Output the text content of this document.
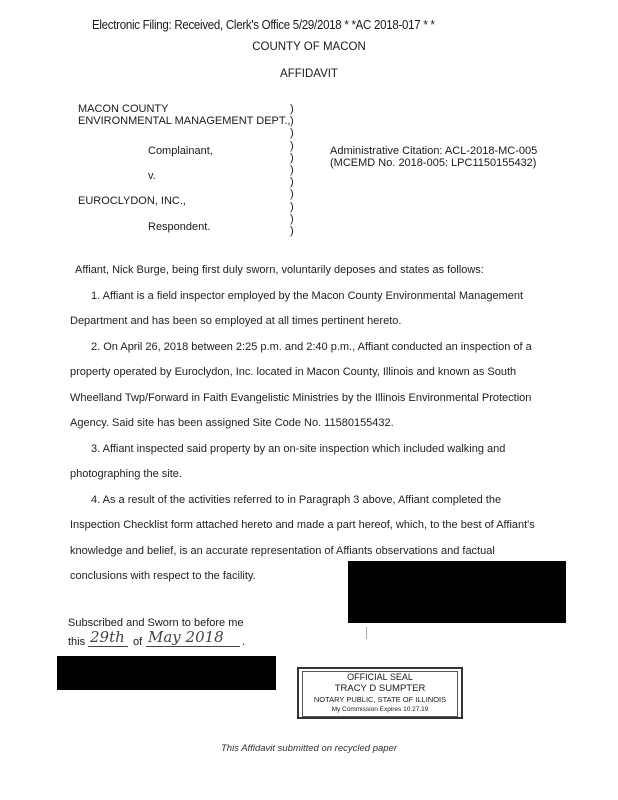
Electronic Filing: Received, Clerk's Office 5/29/2018 * *AC 2018-017 * *
COUNTY OF MACON
AFFIDAVIT
MACON COUNTY
ENVIRONMENTAL MANAGEMENT DEPT.,
Complainant,
v.
EUROCLYDON, INC.,
Respondent.
)
)
)
)
)
)
)
)
)
)
)
Administrative Citation: ACL-2018-MC-005
(MCEMD No. 2018-005: LPC1150155432)
Affiant, Nick Burge, being first duly sworn, voluntarily deposes and states as follows:
1. Affiant is a field inspector employed by the Macon County Environmental Management
Department and has been so employed at all times pertinent hereto.
2. On April 26, 2018 between 2:25 p.m. and 2:40 p.m., Affiant conducted an inspection of a
property operated by Euroclydon, Inc. located in Macon County, Illinois and known as South
Wheelland Twp/Forward in Faith Evangelistic Ministries by the Illinois Environmental Protection
Agency. Said site has been assigned Site Code No. 11580155432.
3. Affiant inspected said property by an on-site inspection which included walking and
photographing the site.
4. As a result of the activities referred to in Paragraph 3 above, Affiant completed the
Inspection Checklist form attached hereto and made a part hereof, which, to the best of Affiant's
knowledge and belief, is an accurate representation of Affiants observations and factual
conclusions with respect to the facility.
Subscribed and Sworn to before me
this 29th of May 2018 .
OFFICIAL SEAL
TRACY D SUMPTER
NOTARY PUBLIC, STATE OF ILLINOIS
My Commission Expires 10.27.19
This Affidavit submitted on recycled paper
